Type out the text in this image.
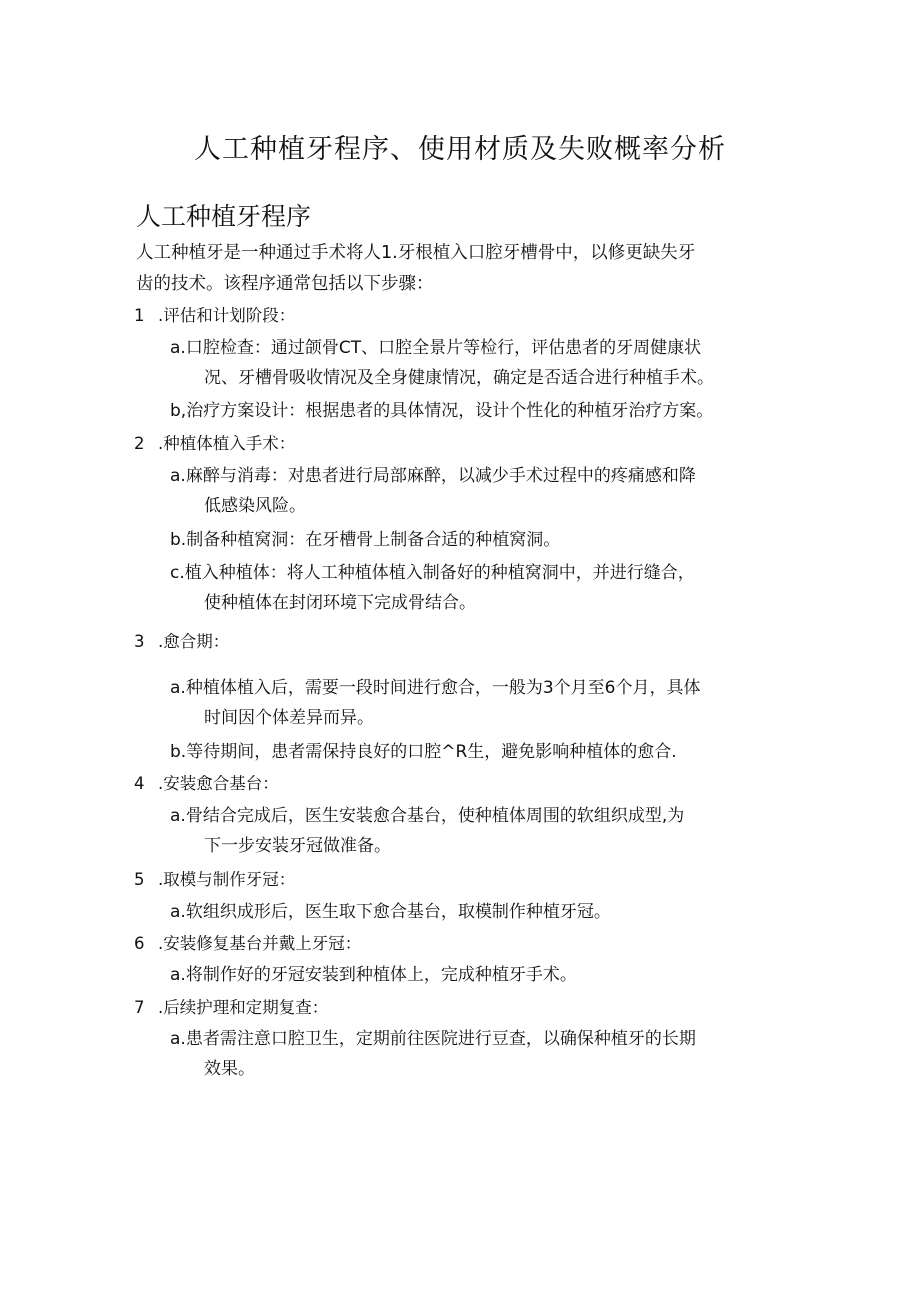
人工种植牙程序、使用材质及失败概率分析
人工种植牙程序
人工种植牙是一种通过手术将人1.牙根植入口腔牙槽骨中，以修更缺失牙
齿的技术。该程序通常包括以下步骤：
1 .评估和计划阶段：
a.口腔检查：通过颌骨CT、口腔全景片等检行，评估患者的牙周健康状
况、牙槽骨吸收情况及全身健康情况，确定是否适合进行种植手术。
b,治疗方案设计：根据患者的具体情况，设计个性化的种植牙治疗方案。
2 .种植体植入手术：
a.麻醉与消毒：对患者进行局部麻醉，以减少手术过程中的疼痛感和降
低感染风险。
b.制备种植窝洞：在牙槽骨上制备合适的种植窝洞。
c.植入种植体：将人工种植体植入制备好的种植窝洞中，并进行缝合，
使种植体在封闭环境下完成骨结合。
3 .愈合期：
a.种植体植入后，需要一段时间进行愈合，一般为3个月至6个月，具体
时间因个体差异而异。
b.等待期间，患者需保持良好的口腔^R生，避免影响种植体的愈合.
4 .安装愈合基台：
a.骨结合完成后，医生安装愈合基台，使种植体周围的软组织成型,为
下一步安装牙冠做准备。
5 .取模与制作牙冠：
a.软组织成形后，医生取下愈合基台，取模制作种植牙冠。
6 .安装修复基台并戴上牙冠：
a.将制作好的牙冠安装到种植体上，完成种植牙手术。
7 .后续护理和定期复查：
a.患者需注意口腔卫生，定期前往医院进行豆查，以确保种植牙的长期
效果。
